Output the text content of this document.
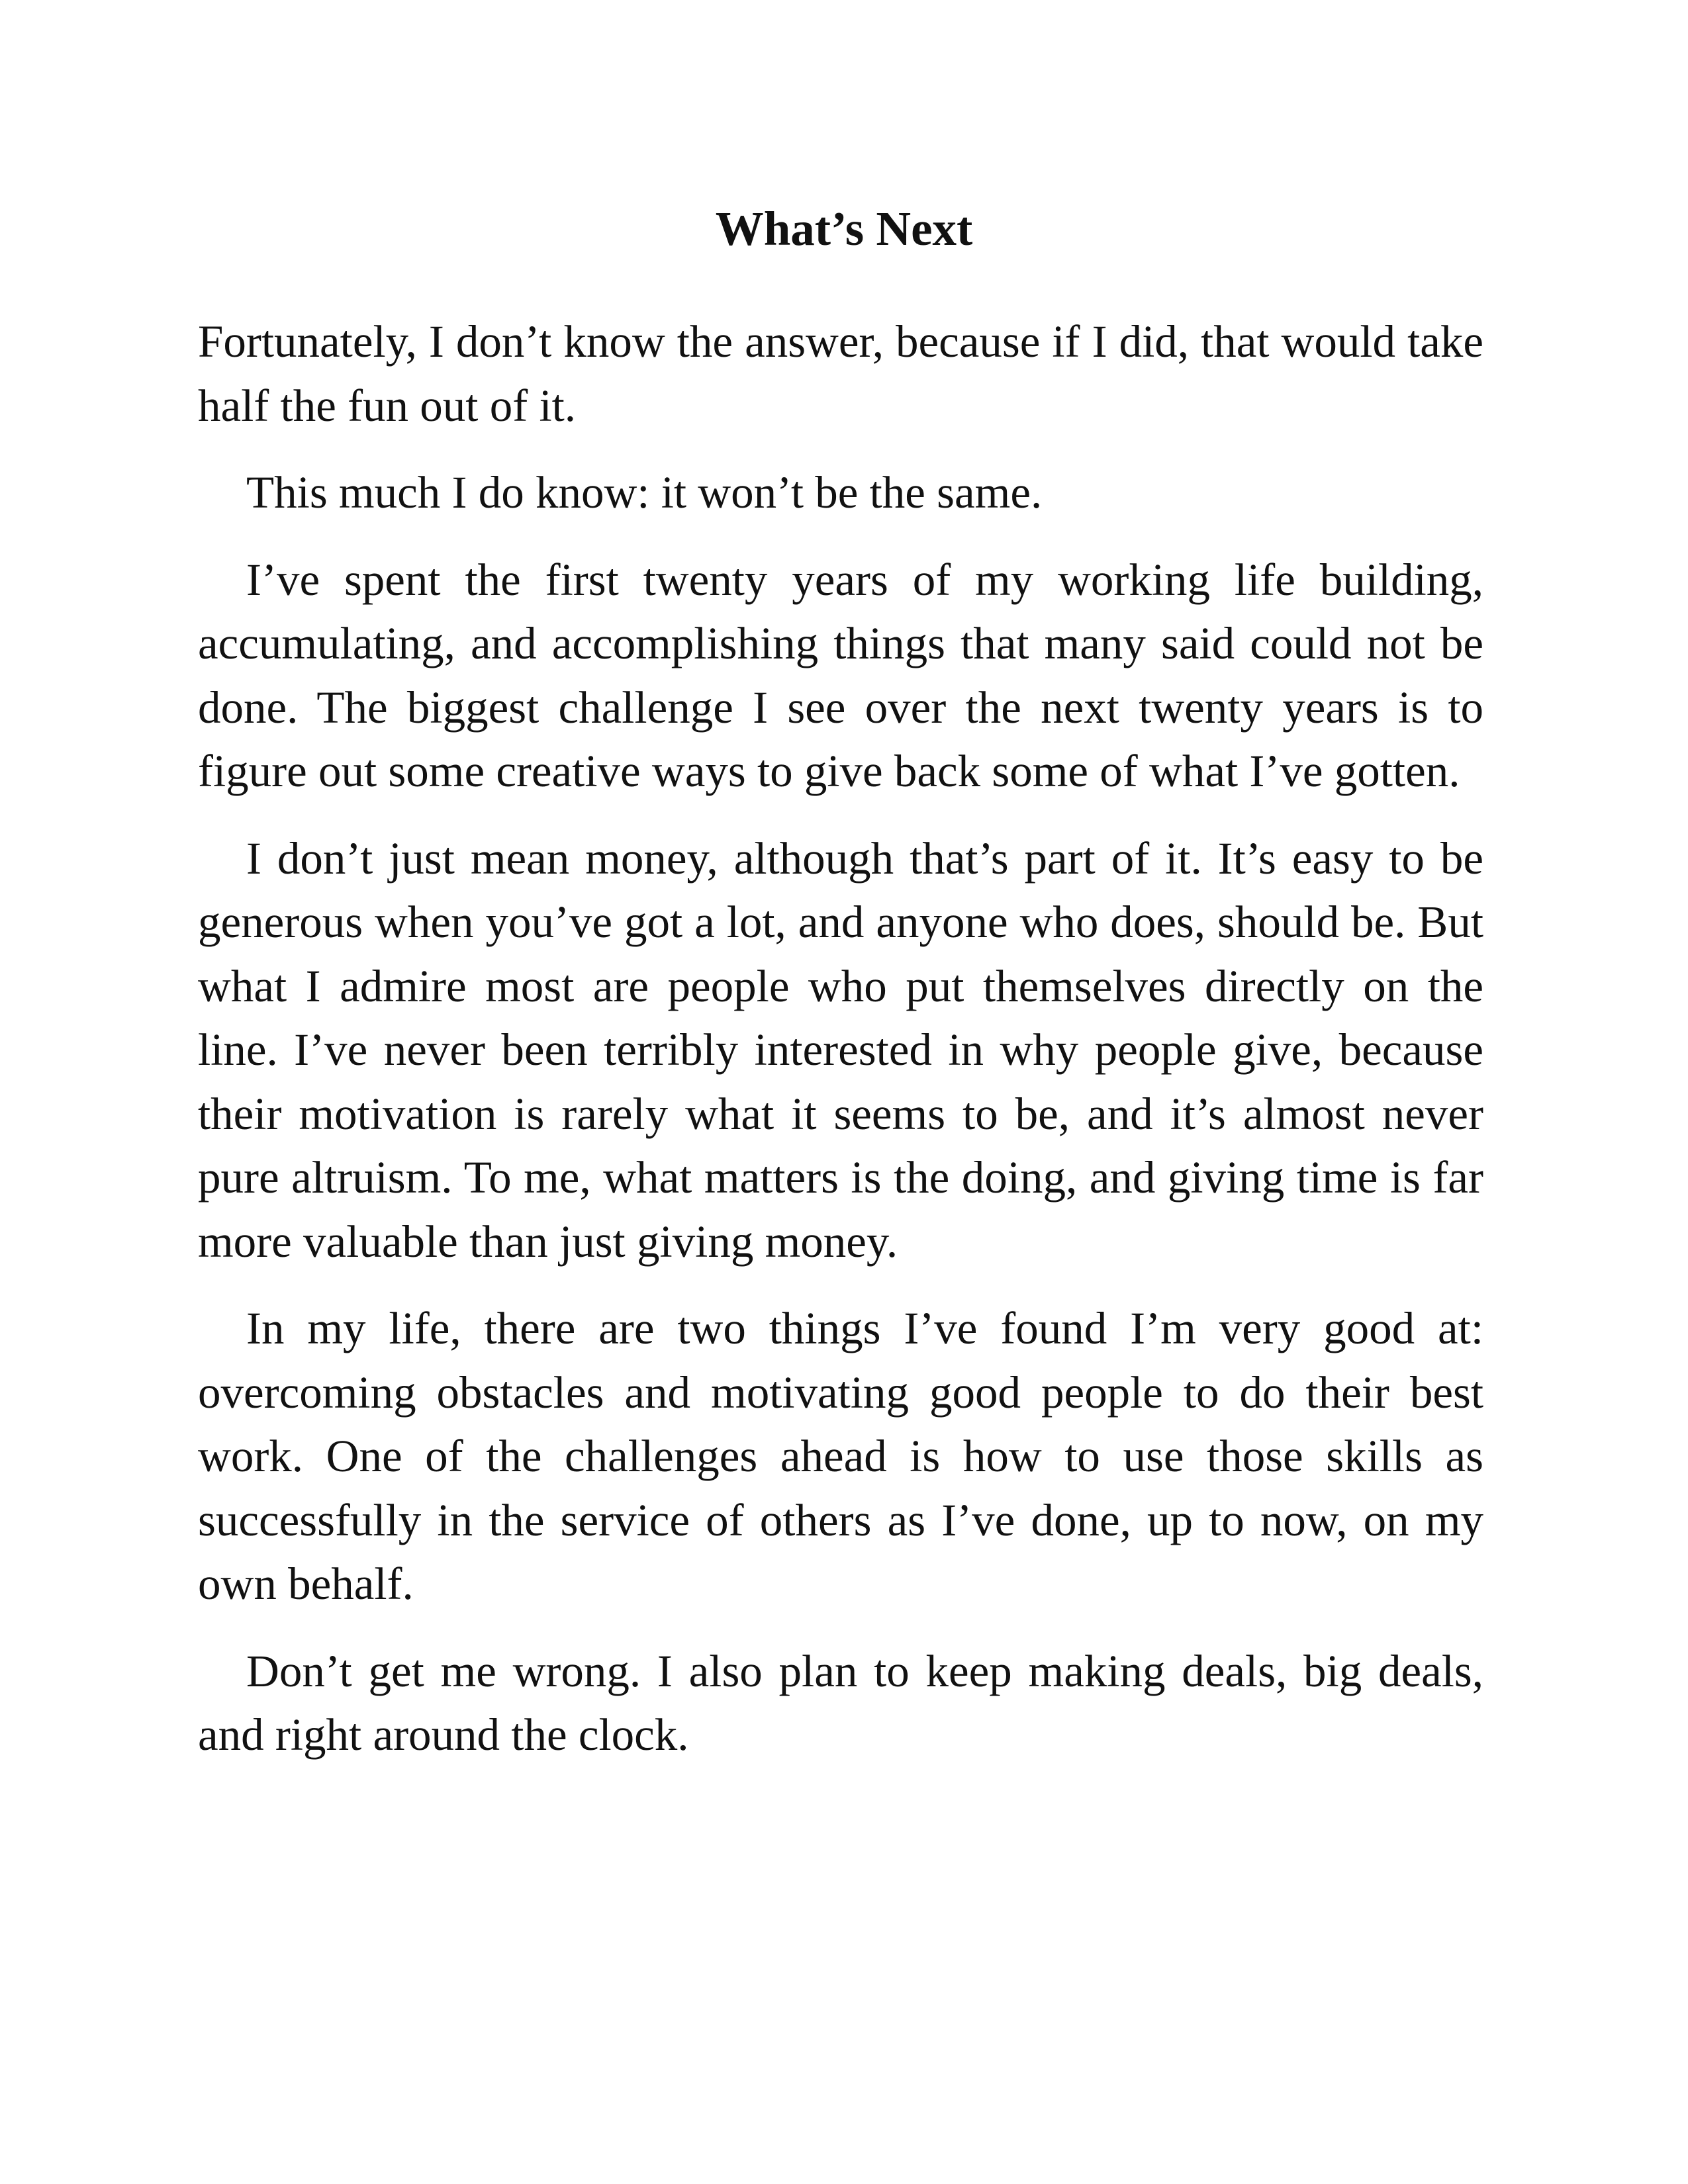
What’s Next

Fortunately, I don’t know the answer, because if I did, that would take half the fun out of it.

This much I do know: it won’t be the same.

I’ve spent the first twenty years of my working life building, accumulating, and accomplishing things that many said could not be done. The biggest challenge I see over the next twenty years is to figure out some creative ways to give back some of what I’ve gotten.

I don’t just mean money, although that’s part of it. It’s easy to be generous when you’ve got a lot, and anyone who does, should be. But what I admire most are people who put themselves directly on the line. I’ve never been terribly interested in why people give, because their motivation is rarely what it seems to be, and it’s almost never pure altruism. To me, what matters is the doing, and giving time is far more valuable than just giving money.

In my life, there are two things I’ve found I’m very good at: overcoming obstacles and motivating good people to do their best work. One of the challenges ahead is how to use those skills as successfully in the service of others as I’ve done, up to now, on my own behalf.

Don’t get me wrong. I also plan to keep making deals, big deals, and right around the clock.
